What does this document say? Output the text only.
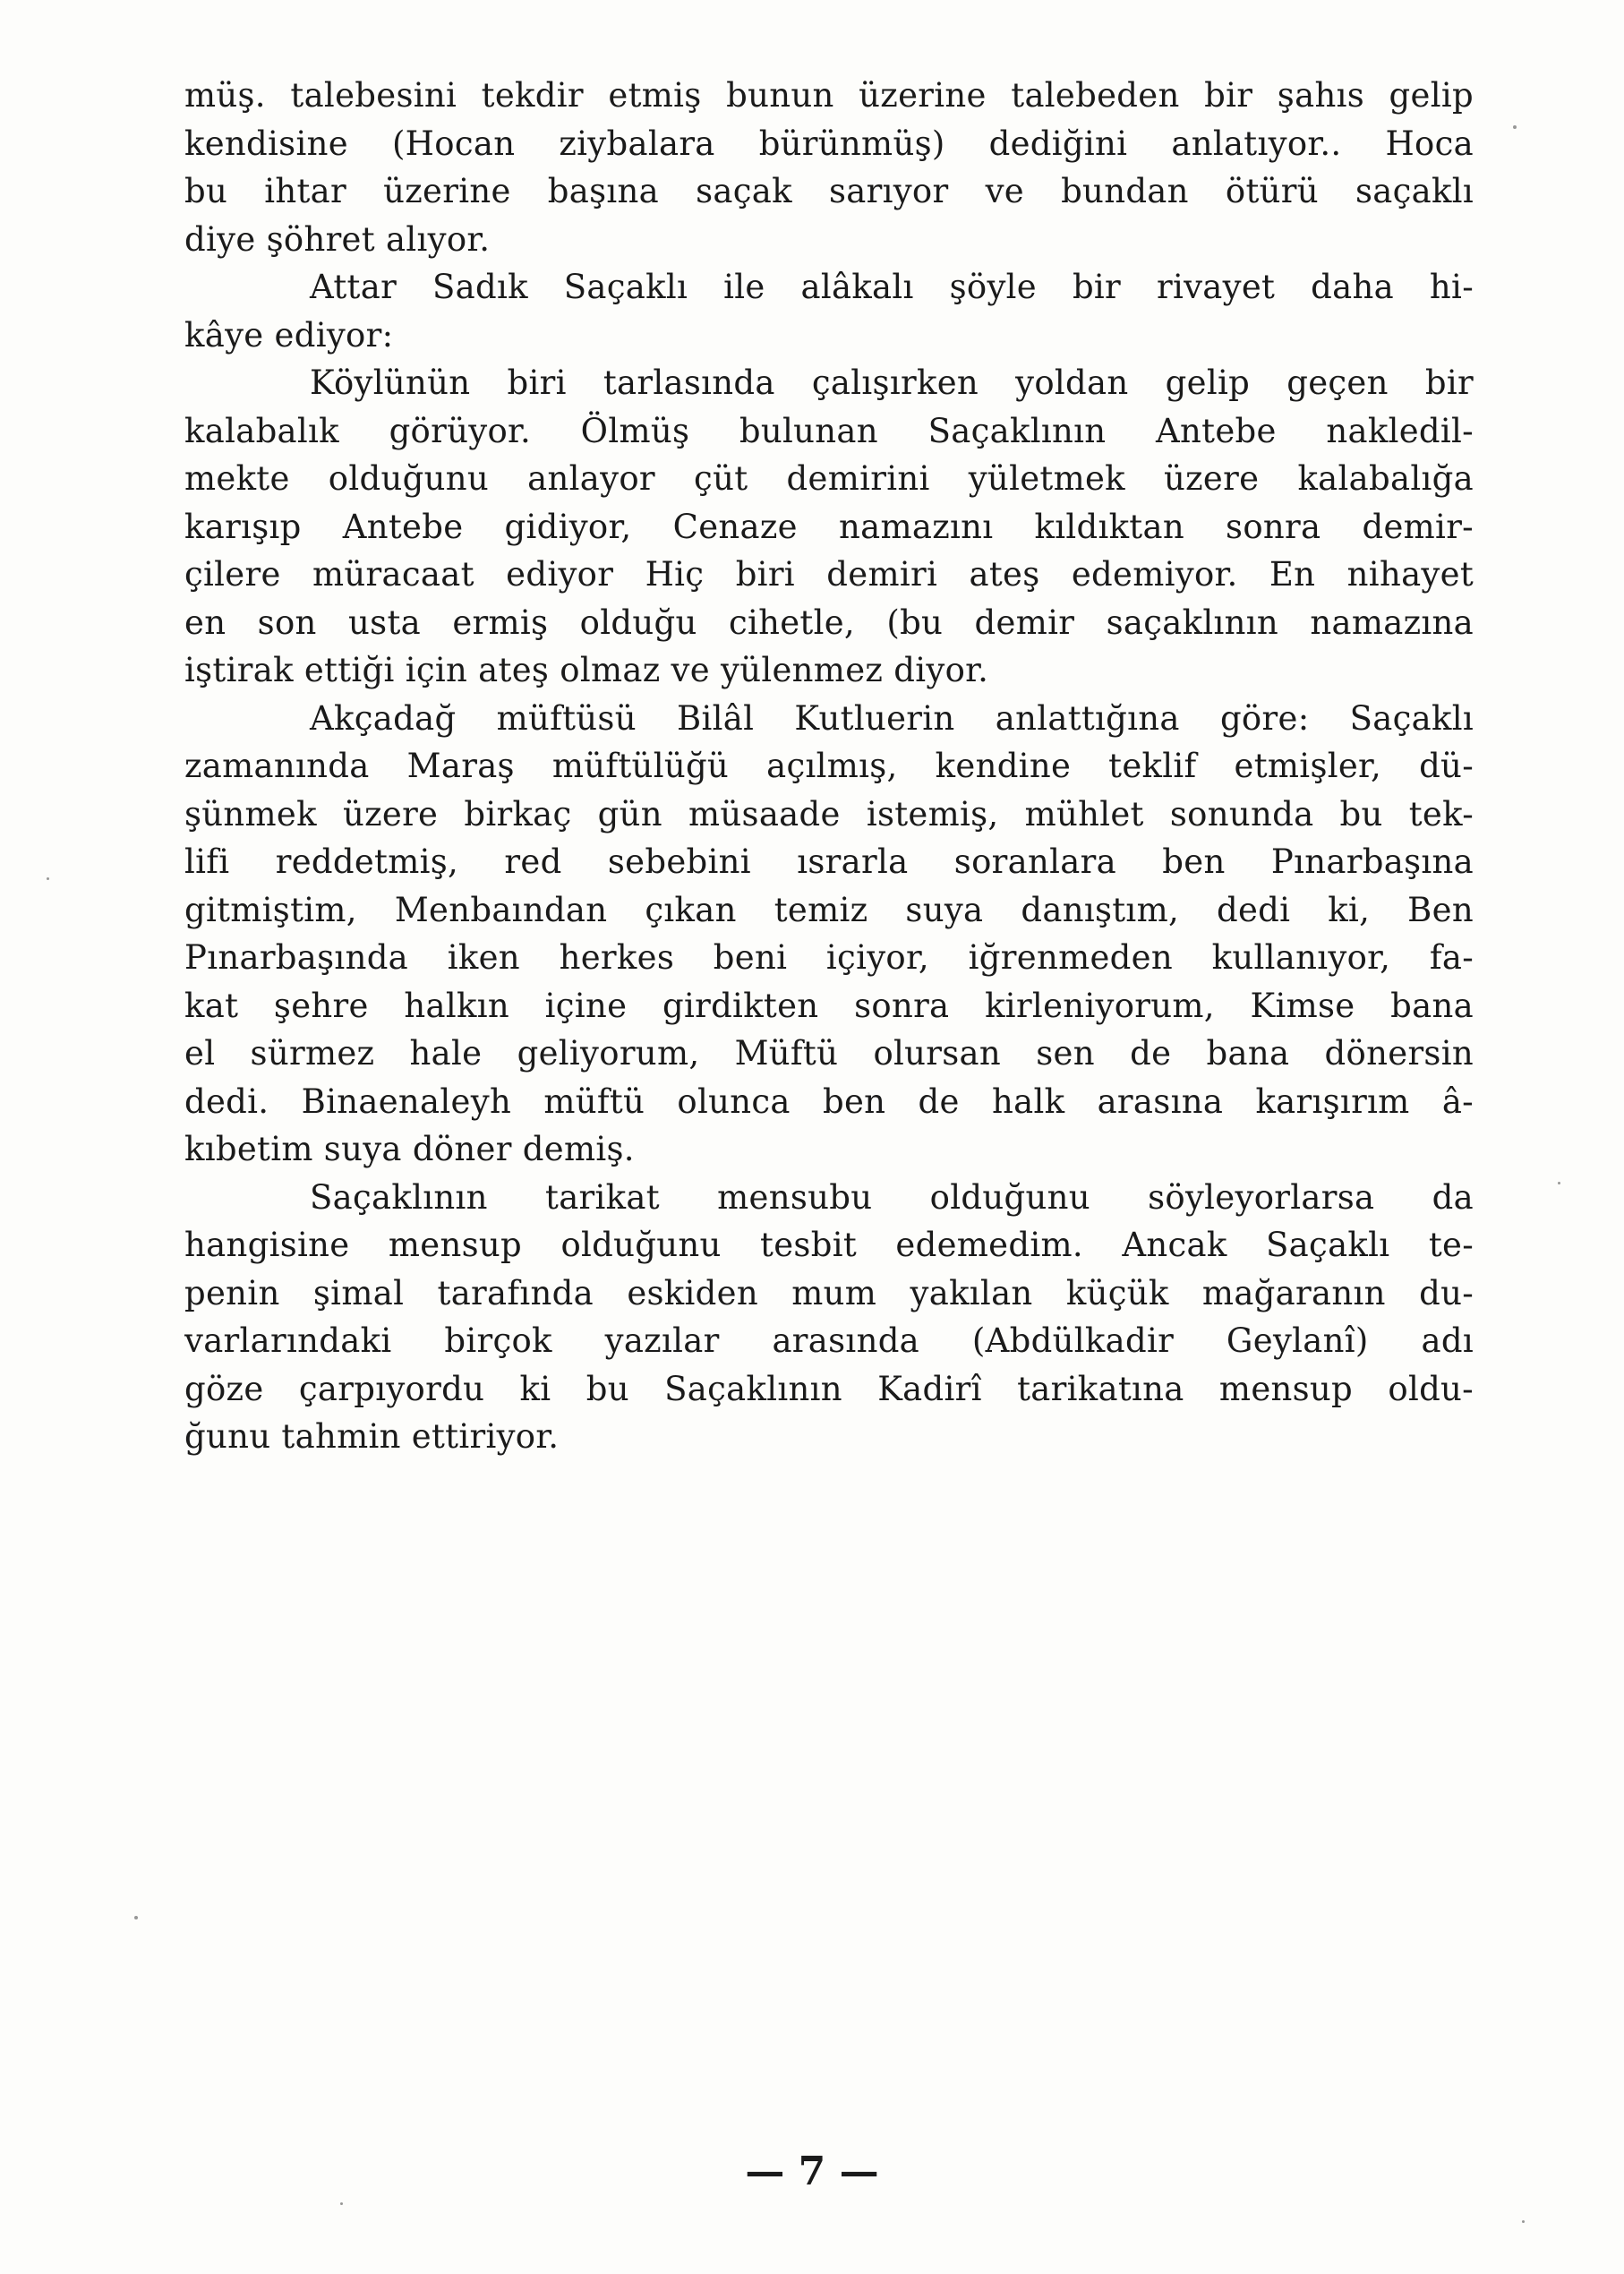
müş. talebesini tekdir etmiş bunun üzerine talebeden bir şahıs gelip
kendisine (Hocan ziybalara bürünmüş) dediğini anlatıyor.. Hoca
bu ihtar üzerine başına saçak sarıyor ve bundan ötürü saçaklı
diye şöhret alıyor.
Attar Sadık Saçaklı ile alâkalı şöyle bir rivayet daha hi-
kâye ediyor:
Köylünün biri tarlasında çalışırken yoldan gelip geçen bir
kalabalık görüyor. Ölmüş bulunan Saçaklının Antebe nakledil-
mekte olduğunu anlayor çüt demirini yületmek üzere kalabalığa
karışıp Antebe gidiyor, Cenaze namazını kıldıktan sonra demir-
çilere müracaat ediyor Hiç biri demiri ateş edemiyor. En nihayet
en son usta ermiş olduğu cihetle, (bu demir saçaklının namazına
iştirak ettiği için ateş olmaz ve yülenmez diyor.
Akçadağ müftüsü Bilâl Kutluerin anlattığına göre: Saçaklı
zamanında Maraş müftülüğü açılmış, kendine teklif etmişler, dü-
şünmek üzere birkaç gün müsaade istemiş, mühlet sonunda bu tek-
lifi reddetmiş, red sebebini ısrarla soranlara ben Pınarbaşına
gitmiştim, Menbaından çıkan temiz suya danıştım, dedi ki, Ben
Pınarbaşında iken herkes beni içiyor, iğrenmeden kullanıyor, fa-
kat şehre halkın içine girdikten sonra kirleniyorum, Kimse bana
el sürmez hale geliyorum, Müftü olursan sen de bana dönersin
dedi. Binaenaleyh müftü olunca ben de halk arasına karışırım â-
kıbetim suya döner demiş.
Saçaklının tarikat mensubu olduğunu söyleyorlarsa da
hangisine mensup olduğunu tesbit edemedim. Ancak Saçaklı te-
penin şimal tarafında eskiden mum yakılan küçük mağaranın du-
varlarındaki birçok yazılar arasında (Abdülkadir Geylanî) adı
göze çarpıyordu ki bu Saçaklının Kadirî tarikatına mensup oldu-
ğunu tahmin ettiriyor.
— 7 —
